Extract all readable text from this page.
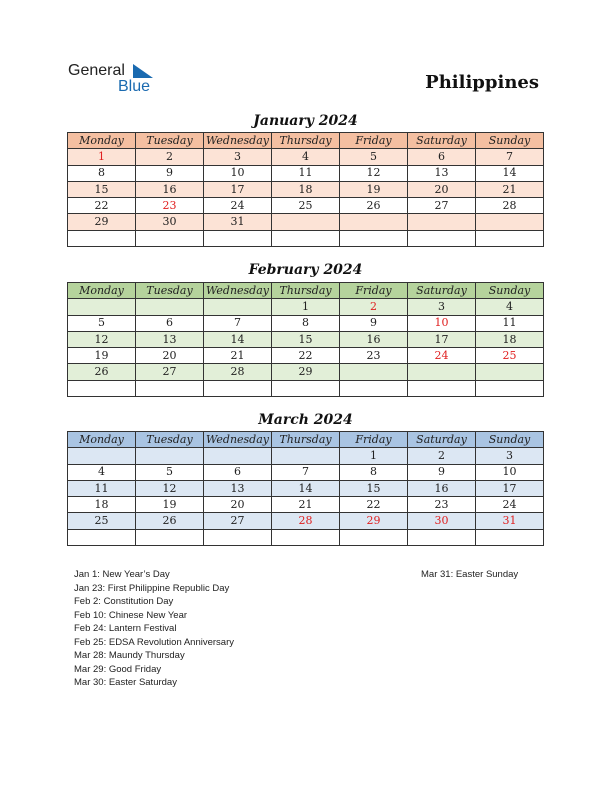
General
Blue	Philippines
January 2024
Monday	Tuesday	Wednesday	Thursday	Friday	Saturday	Sunday
1	2	3	4	5	6	7
8	9	10	11	12	13	14
15	16	17	18	19	20	21
22	23	24	25	26	27	28
29	30	31				

February 2024
Monday	Tuesday	Wednesday	Thursday	Friday	Saturday	Sunday
			1	2	3	4
5	6	7	8	9	10	11
12	13	14	15	16	17	18
19	20	21	22	23	24	25
26	27	28	29			

March 2024
Monday	Tuesday	Wednesday	Thursday	Friday	Saturday	Sunday
				1	2	3
4	5	6	7	8	9	10
11	12	13	14	15	16	17
18	19	20	21	22	23	24
25	26	27	28	29	30	31

Jan 1: New Year’s Day
Jan 23: First Philippine Republic Day
Feb 2: Constitution Day
Feb 10: Chinese New Year
Feb 24: Lantern Festival
Feb 25: EDSA Revolution Anniversary
Mar 28: Maundy Thursday
Mar 29: Good Friday
Mar 30: Easter Saturday
Mar 31: Easter Sunday
